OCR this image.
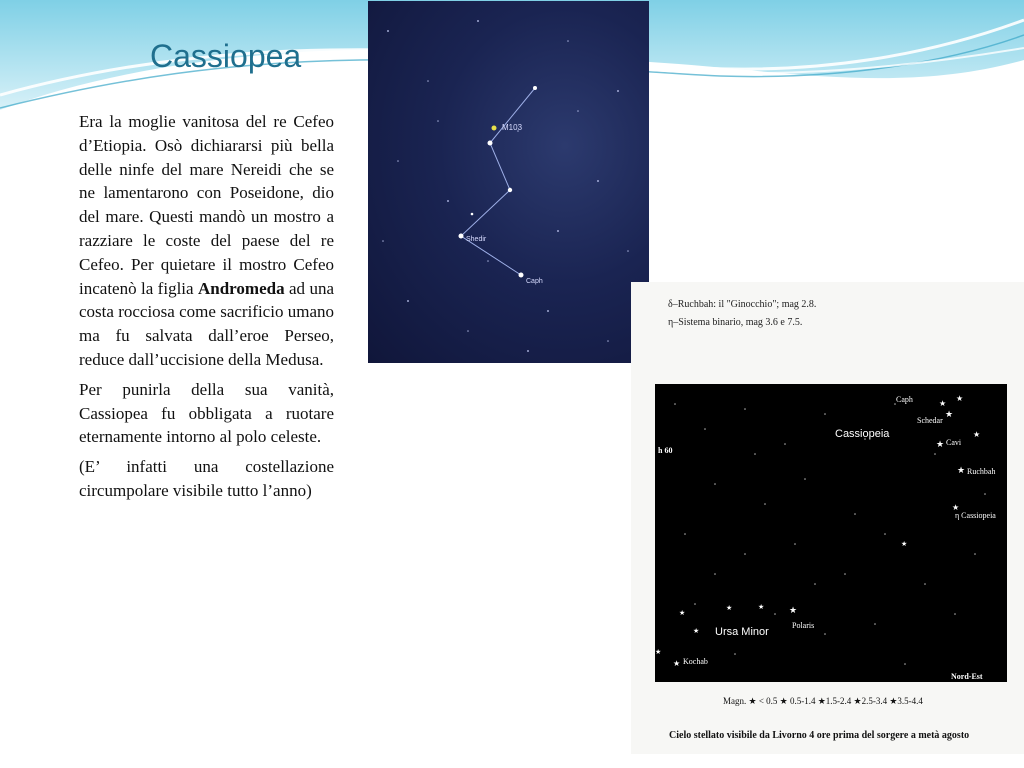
Cassiopea

Era la moglie vanitosa del re Cefeo d’Etiopia. Osò dichiararsi più bella delle ninfe del mare Nereidi che se ne lamentarono con Poseidone, dio del mare. Questi mandò un mostro a razziare le coste del paese del re Cefeo. Per quietare il mostro Cefeo incatenò la figlia Andromeda ad una costa rocciosa come sacrificio umano ma fu salvata dall’eroe Perseo, reduce dall’uccisione della Medusa.

Per punirla della sua vanità, Cassiopea fu obbligata a ruotare eternamente intorno al polo celeste.

(E’ infatti una costellazione circumpolare visibile tutto l’anno)

M103
Shedir
Caph
δ–Ruchbah: il "Ginocchio"; mag 2.8.
η–Sistema binario, mag 3.6 e 7.5.
★
★
★
★
★
★
★
★
★
★	★
★
★
★
★
Caph
Schedar
Cassiopeia
Cavi
h 60
Ruchbah
η Cassiopeia
Ursa Minor
Polaris
Kochab
Nord-Est
Magn. ★ < 0.5 ★ 0.5-1.4 ★1.5-2.4 ★2.5-3.4 ★3.5-4.4
Cielo stellato visibile da Livorno 4 ore prima del sorgere a metà agosto
